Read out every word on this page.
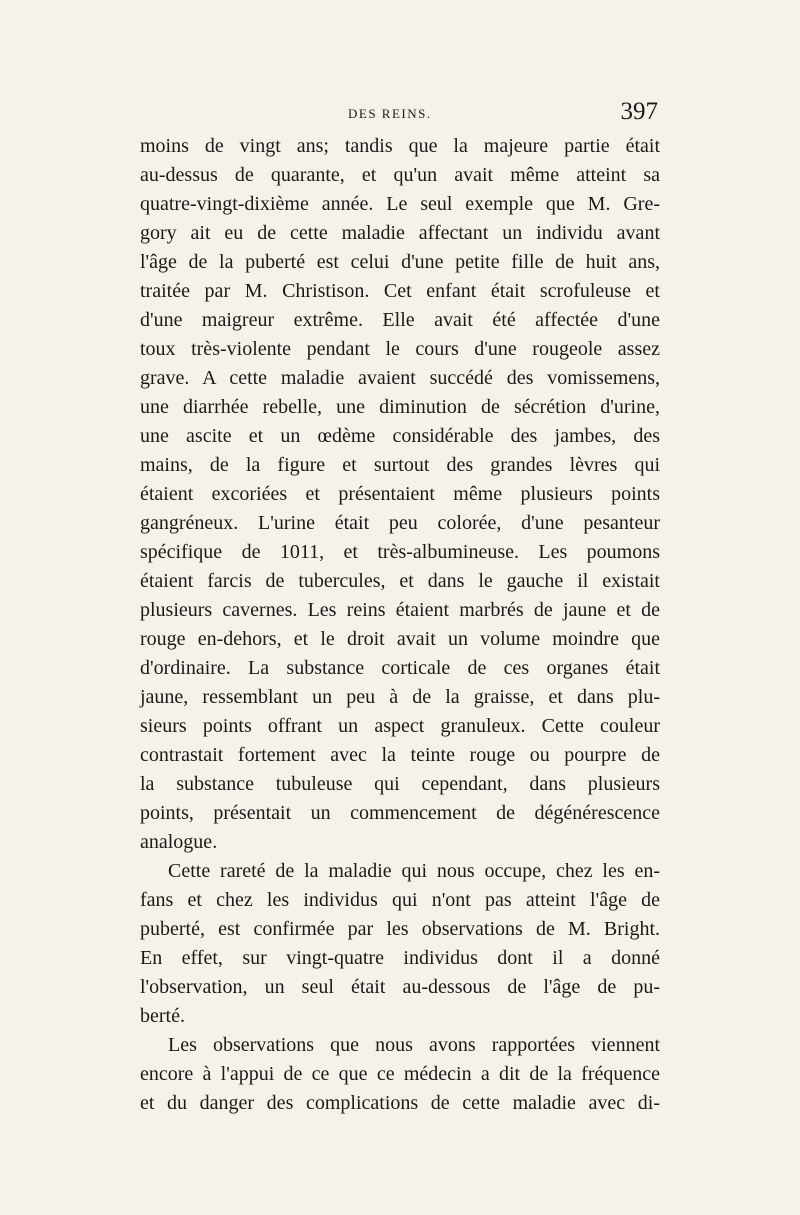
DES REINS.	397
moins de vingt ans; tandis que la majeure partie était
au-dessus de quarante, et qu'un avait même atteint sa
quatre-vingt-dixième année. Le seul exemple que M. Gre-
gory ait eu de cette maladie affectant un individu avant
l'âge de la puberté est celui d'une petite fille de huit ans,
traitée par M. Christison. Cet enfant était scrofuleuse et
d'une maigreur extrême. Elle avait été affectée d'une
toux très-violente pendant le cours d'une rougeole assez
grave. A cette maladie avaient succédé des vomissemens,
une diarrhée rebelle, une diminution de sécrétion d'urine,
une ascite et un œdème considérable des jambes, des
mains, de la figure et surtout des grandes lèvres qui
étaient excoriées et présentaient même plusieurs points
gangréneux. L'urine était peu colorée, d'une pesanteur
spécifique de 1011, et très-albumineuse. Les poumons
étaient farcis de tubercules, et dans le gauche il existait
plusieurs cavernes. Les reins étaient marbrés de jaune et de
rouge en-dehors, et le droit avait un volume moindre que
d'ordinaire. La substance corticale de ces organes était
jaune, ressemblant un peu à de la graisse, et dans plu-
sieurs points offrant un aspect granuleux. Cette couleur
contrastait fortement avec la teinte rouge ou pourpre de
la substance tubuleuse qui cependant, dans plusieurs
points, présentait un commencement de dégénérescence
analogue.
Cette rareté de la maladie qui nous occupe, chez les en-
fans et chez les individus qui n'ont pas atteint l'âge de
puberté, est confirmée par les observations de M. Bright.
En effet, sur vingt-quatre individus dont il a donné
l'observation, un seul était au-dessous de l'âge de pu-
berté.
Les observations que nous avons rapportées viennent
encore à l'appui de ce que ce médecin a dit de la fréquence
et du danger des complications de cette maladie avec di-
